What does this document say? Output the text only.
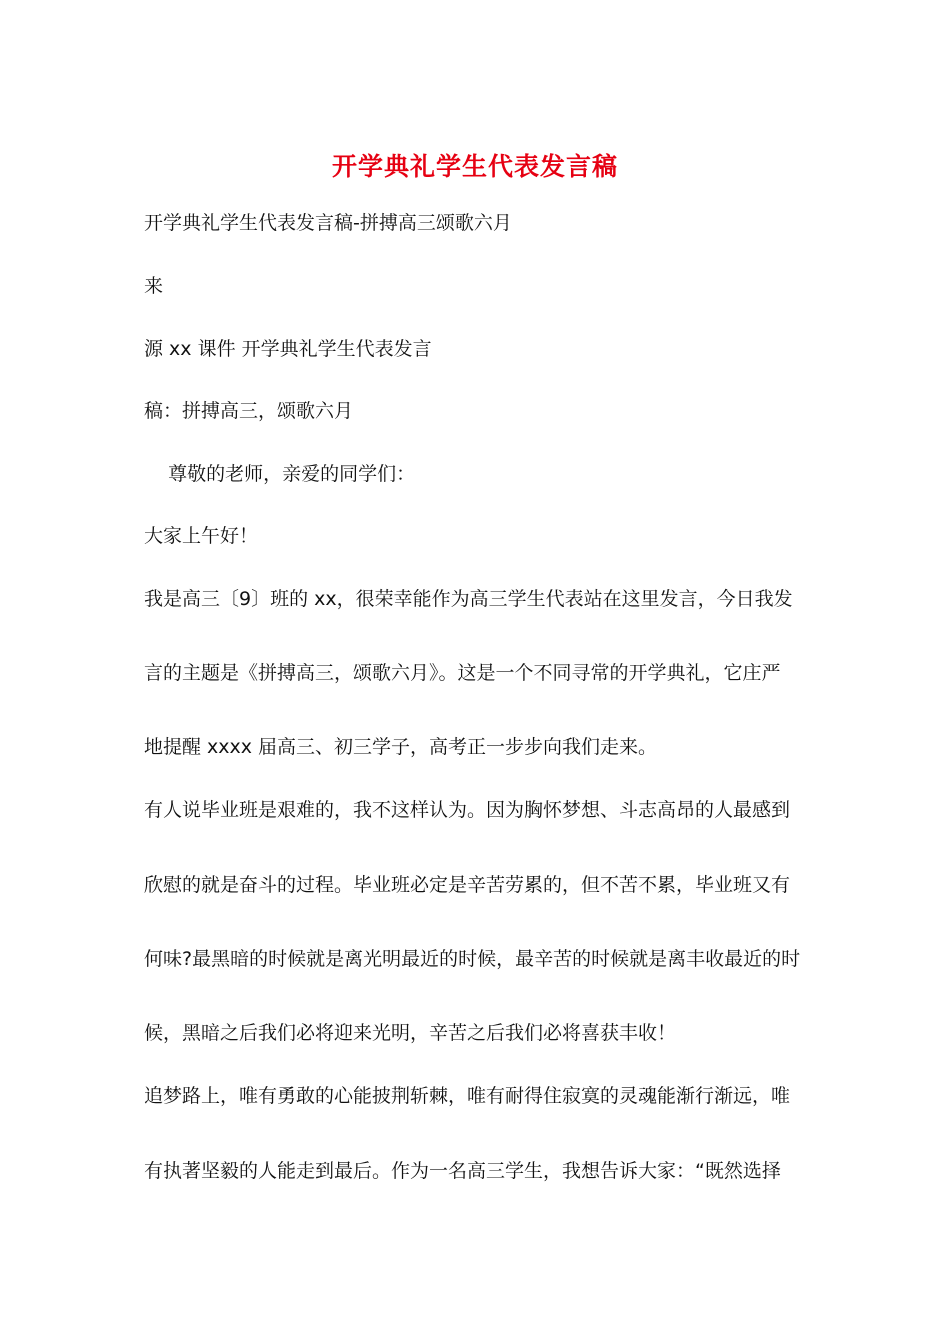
开学典礼学生代表发言稿
开学典礼学生代表发言稿-拼搏高三颂歌六月
来
源 xx 课件 开学典礼学生代表发言
稿：拼搏高三，颂歌六月
尊敬的老师，亲爱的同学们：
大家上午好！
我是高三〔9〕班的 xx，很荣幸能作为高三学生代表站在这里发言，今日我发
言的主题是《拼搏高三，颂歌六月》。这是一个不同寻常的开学典礼，它庄严
地提醒 xxxx 届高三、初三学子，高考正一步步向我们走来。
有人说毕业班是艰难的，我不这样认为。因为胸怀梦想、斗志高昂的人最感到
欣慰的就是奋斗的过程。毕业班必定是辛苦劳累的，但不苦不累，毕业班又有
何味?最黑暗的时候就是离光明最近的时候，最辛苦的时候就是离丰收最近的时
候，黑暗之后我们必将迎来光明，辛苦之后我们必将喜获丰收！
追梦路上，唯有勇敢的心能披荆斩棘，唯有耐得住寂寞的灵魂能渐行渐远，唯
有执著坚毅的人能走到最后。作为一名高三学生，我想告诉大家：“既然选择
